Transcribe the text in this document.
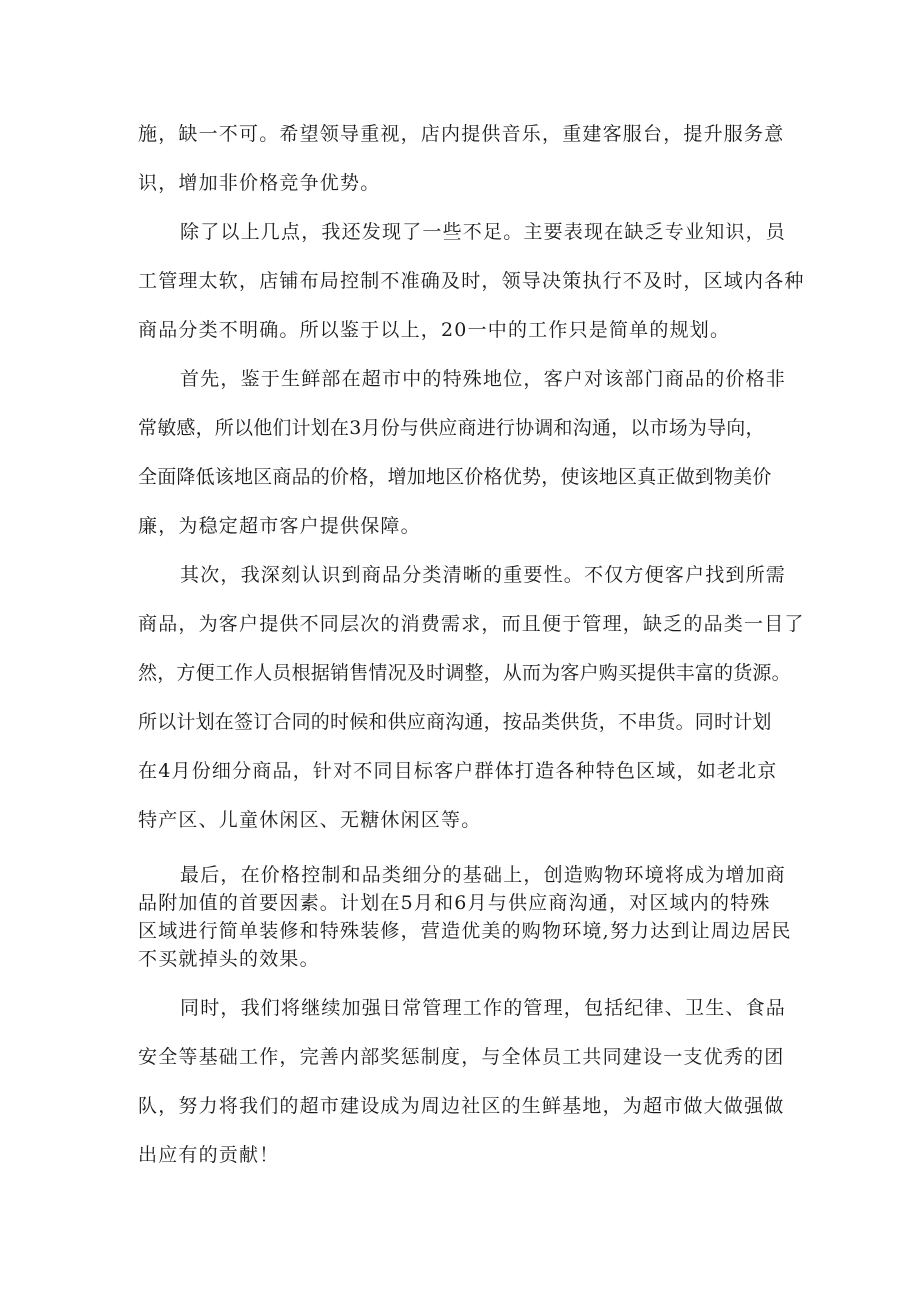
施，缺一不可。希望领导重视，店内提供音乐，重建客服台，提升服务意
识，增加非价格竞争优势。
除了以上几点，我还发现了一些不足。主要表现在缺乏专业知识，员
工管理太软，店铺布局控制不准确及时，领导决策执行不及时，区域内各种
商品分类不明确。所以鉴于以上，20一中的工作只是简单的规划。
首先，鉴于生鲜部在超市中的特殊地位，客户对该部门商品的价格非
常敏感，所以他们计划在3月份与供应商进行协调和沟通，以市场为导向，
全面降低该地区商品的价格，增加地区价格优势，使该地区真正做到物美价
廉，为稳定超市客户提供保障。
其次，我深刻认识到商品分类清晰的重要性。不仅方便客户找到所需
商品，为客户提供不同层次的消费需求，而且便于管理，缺乏的品类一目了
然，方便工作人员根据销售情况及时调整，从而为客户购买提供丰富的货源。
所以计划在签订合同的时候和供应商沟通，按品类供货，不串货。同时计划
在4月份细分商品，针对不同目标客户群体打造各种特色区域，如老北京
特产区、儿童休闲区、无糖休闲区等。
最后，在价格控制和品类细分的基础上，创造购物环境将成为增加商
品附加值的首要因素。计划在5月和6月与供应商沟通，对区域内的特殊
区域进行简单装修和特殊装修，营造优美的购物环境,努力达到让周边居民
不买就掉头的效果。
同时，我们将继续加强日常管理工作的管理，包括纪律、卫生、食品
安全等基础工作，完善内部奖惩制度，与全体员工共同建设一支优秀的团
队，努力将我们的超市建设成为周边社区的生鲜基地，为超市做大做强做
出应有的贡献！
